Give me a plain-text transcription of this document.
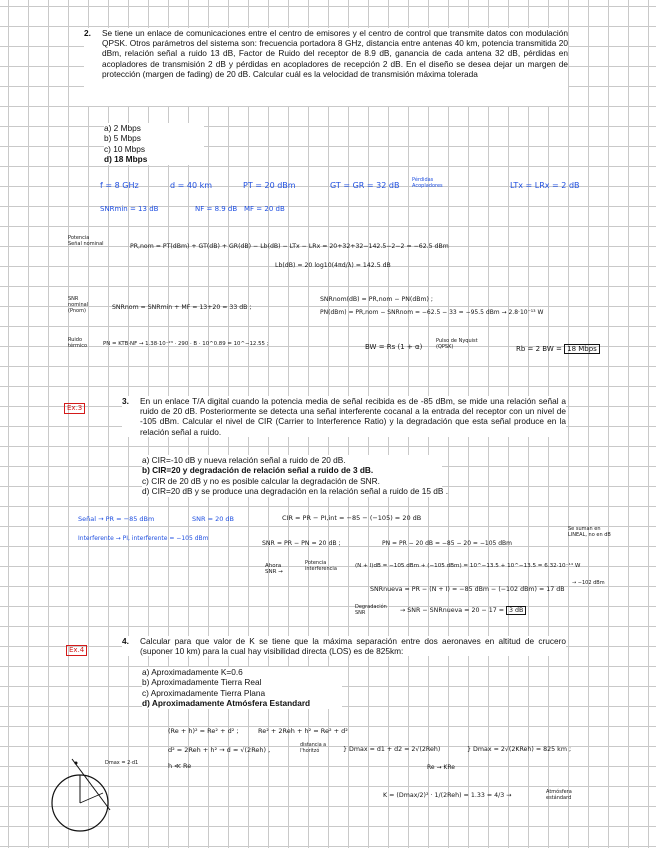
2. Se tiene un enlace de comunicaciones entre el centro de emisores y el centro de control que transmite datos con modulación QPSK. Otros parámetros del sistema son: frecuencia portadora 8 GHz, distancia entre antenas 40 km, potencia transmitida 20 dBm, relación señal a ruido 13 dB, Factor de Ruido del receptor de 8.9 dB, ganancia de cada antena 32 dB, pérdidas en acopladores de transmisión 2 dB y pérdidas en acopladores de recepción 2 dB. En el diseño se desea dejar un margen de protección (margen de fading) de 20 dB. Calcular cuál es la velocidad de transmisión máxima tolerada
a) 2 Mbps
b) 5 Mbps
c) 10 Mbps
d) 18 Mbps
f = 8 GHz	d = 40 km	PT = 20 dBm	GT = GR = 32 dB
Pérdidas Acopladores	LTx = LRx = 2 dB
SNRmin = 13 dB	NF = 8.9 dB MF = 20 dB
Potencia Señal nominal	PR,nom = PT(dBm) + GT(dB) + GR(dB) − Lb(dB) − LTx − LRx = 20+32+32−142.5−2−2 = −62.5 dBm
Lb(dB) = 20 log10(4πd/λ) = 142.5 dB
SNR nominal (Pnom)	SNRnom = SNRmin + MF = 13+20 = 33 dB ;
SNRnom(dB) = PR,nom − PN(dBm) ;
PN(dBm) = PR,nom − SNRnom = −62.5 − 33 = −95.5 dBm → 2.8·10⁻¹³ W
Ruido térmico	PN = KTB·NF → 1.38·10⁻²³ · 290 · B · 10^0.89 = 10^−12.55 ;	BW = Rs (1 + α)
Pulso de Nyquist (QPSK)	Rb = 2 BW = 18 Mbps
Ex.3
3. En un enlace T/A digital cuando la potencia media de señal recibida es de -85 dBm, se mide una relación señal a ruido de 20 dB. Posteriormente se detecta una señal interferente cocanal a la entrada del receptor con un nivel de -105 dBm. Calcular el nivel de CIR (Carrier to Interference Ratio) y la degradación que esta señal produce en la relación señal a ruido.
a) CIR=-10 dB y nueva relación señal a ruido de 20 dB.
b) CIR=20 y degradación de relación señal a ruido de 3 dB.
c) CIR de 20 dB y no es posible calcular la degradación de SNR.
d) CIR=20 dB y se produce una degradación en la relación señal a ruido de 15 dB .
Señal → PR = −85 dBm	SNR = 20 dB
Interferente → PI, interferente = −105 dBm
CIR = PR − PI,int = −85 − (−105) = 20 dB
Se suman en LINEAL, no en dB
SNR = PR − PN = 20 dB ;	PN = PR − 20 dB = −85 − 20 = −105 dBm
Ahora SNR →
Potencia interferencia	(N + I)dB = −105 dBm + (−105 dBm) = 10^−13.5 + 10^−13.5 = 6.32·10⁻¹⁴ W
→ −102 dBm
SNRnueva = PR − (N + I) = −85 dBm − (−102 dBm) = 17 dB
Degradación SNR	→ SNR − SNRnueva = 20 − 17 = 3 dB
Ex.4
4. Calcular para que valor de K se tiene que la máxima separación entre dos aeronaves en altitud de crucero (suponer 10 km) para la cual hay visibilidad directa (LOS) es de 825km:
a) Aproximadamente K=0.6
b) Aproximadamente Tierra Real
c) Aproximadamente Tierra Plana
d) Aproximadamente Atmósfera Estandard
(Re + h)² = Re² + d² ;	Re² + 2Reh + h² = Re² + d²
d² = 2Reh + h² → d ≈ √(2Reh) ,
distancia a l'horitzó
h ≪ Re
} Dmax = d1 + d2 = 2√(2Reh)	} Dmax = 2√(2KReh) = 825 km ;
Re → KRe
K = (Dmax/2)² · 1/(2Reh) = 1.33 = 4/3 →	Atmósfera estándard
Dmax = 2·d1
